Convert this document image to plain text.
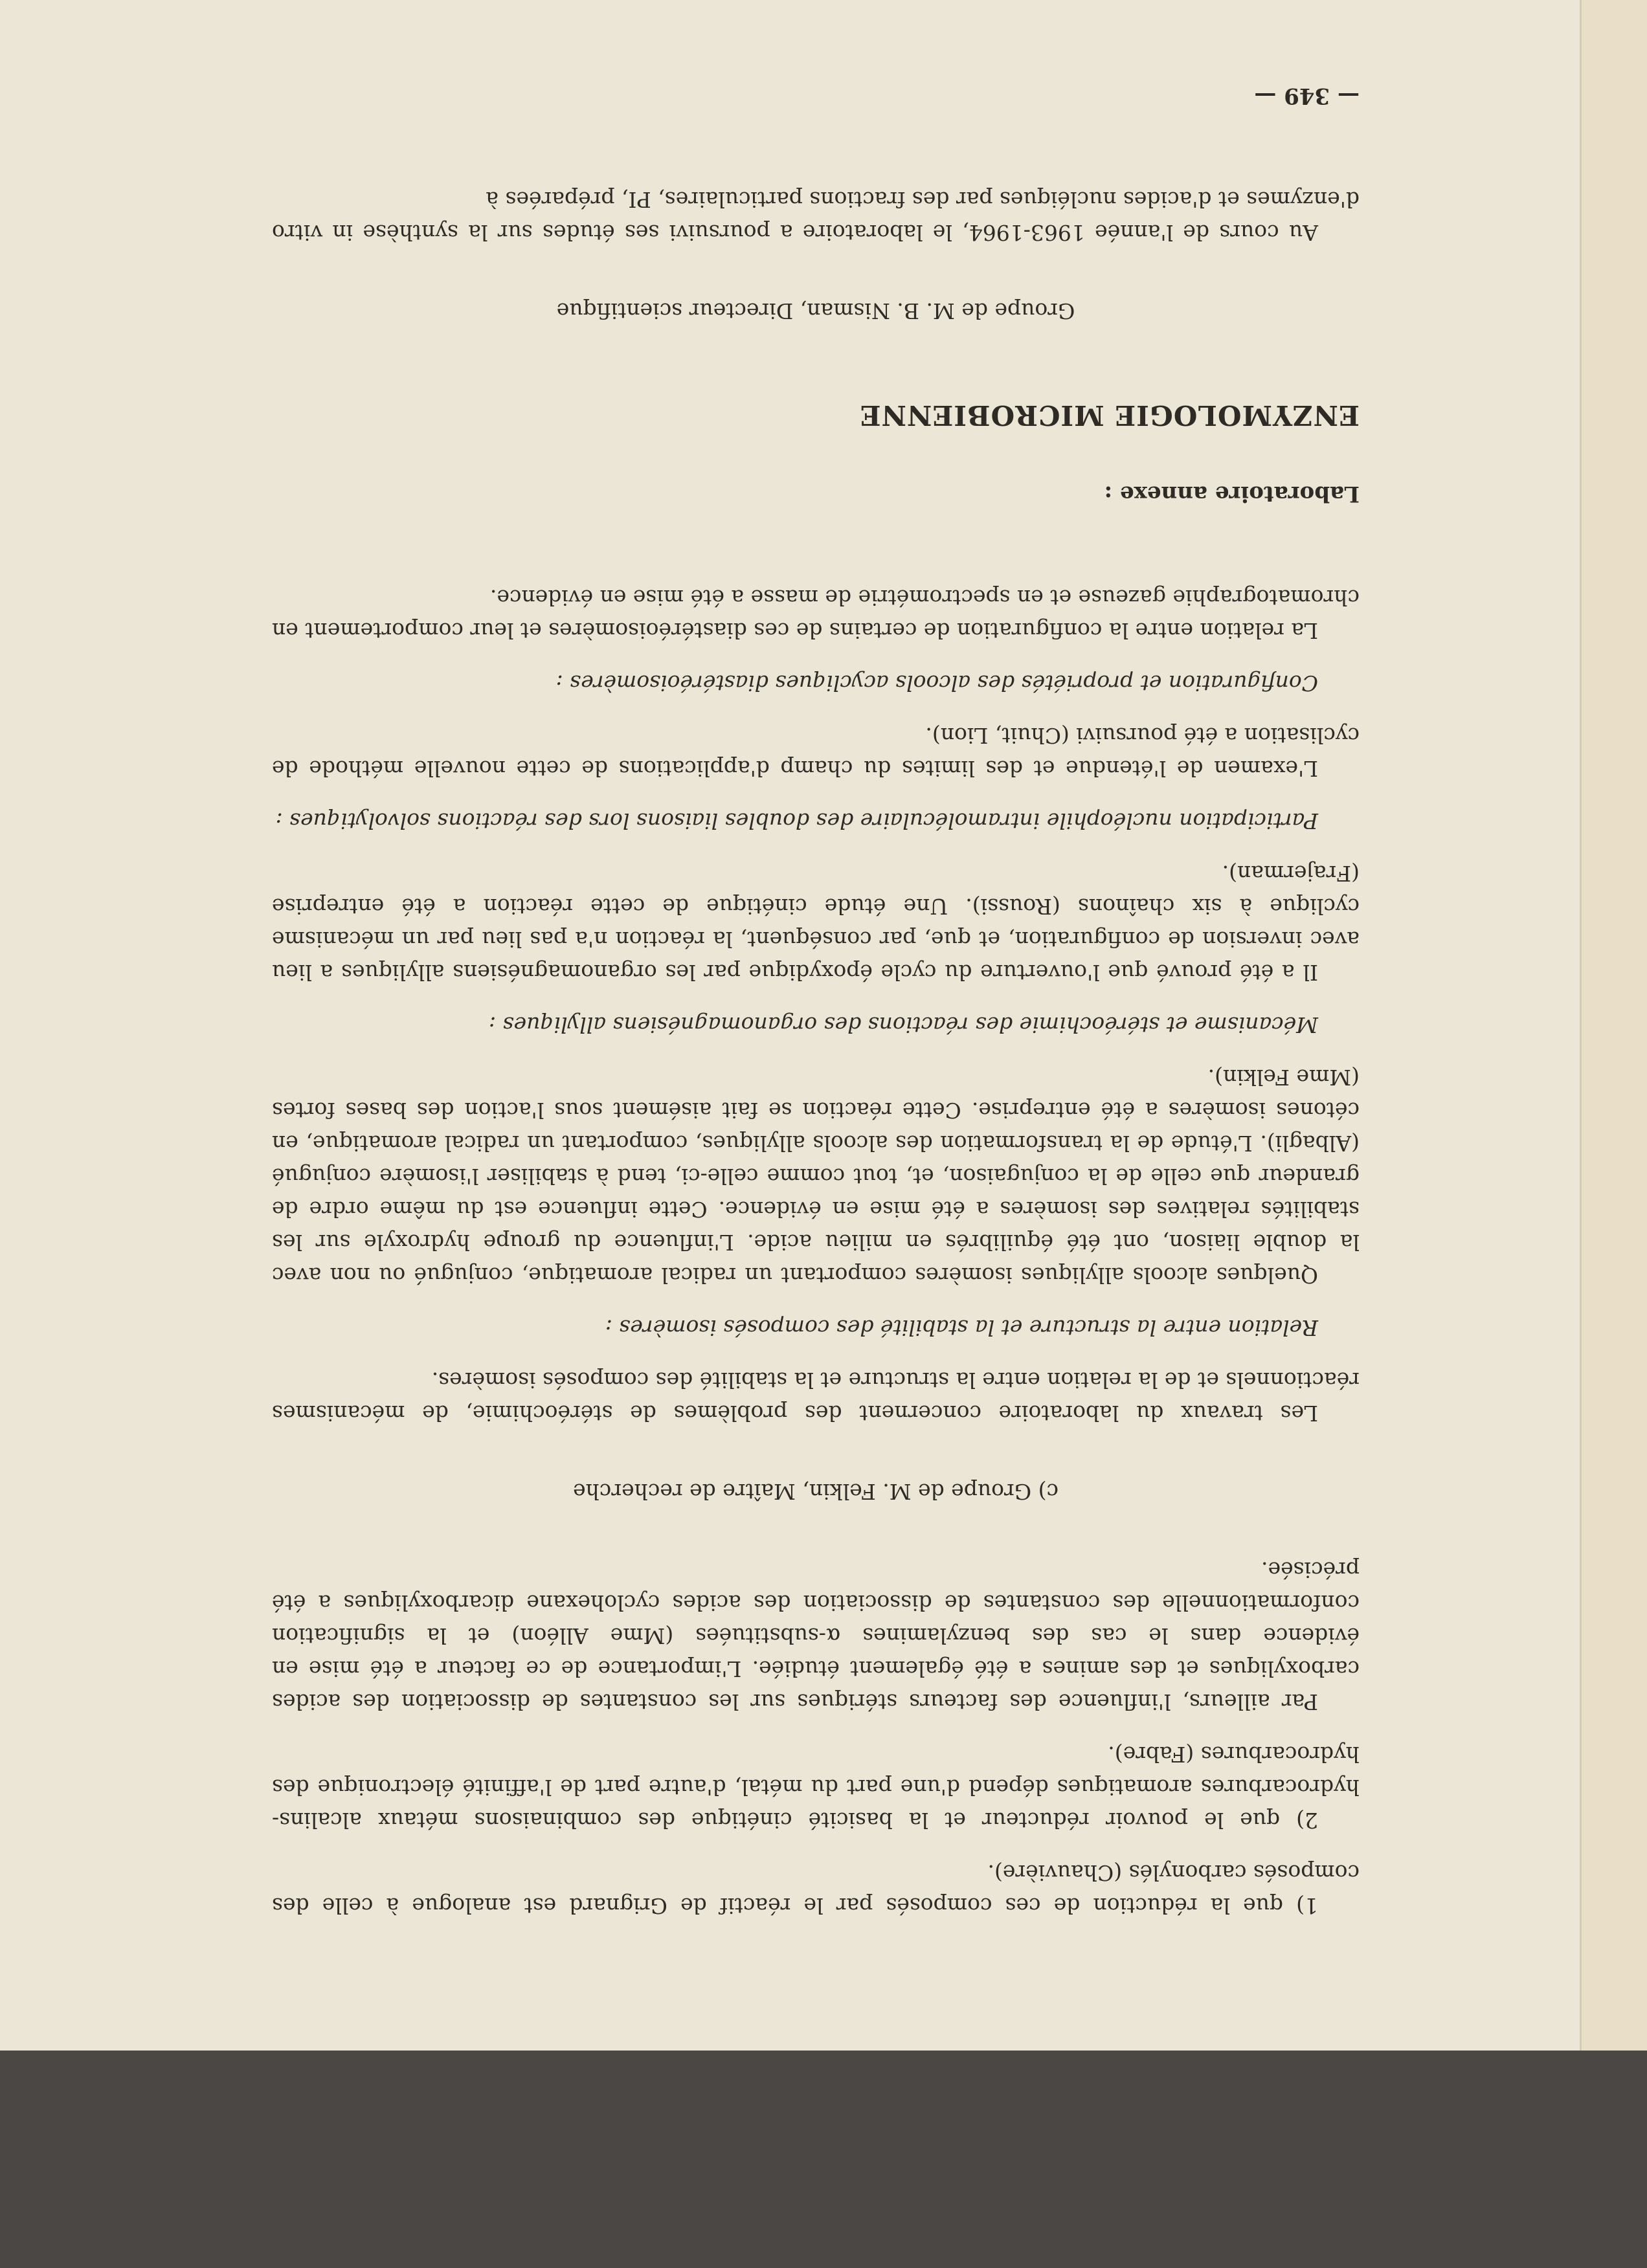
1) que la réduction de ces composés par le réactif de Grignard est analogue à celle des composés carbonylés (Chauvière).

2) que le pouvoir réducteur et la basicité cinétique des combinaisons métaux alcalins-hydrocarbures aromatiques dépend d'une part du métal, d'autre part de l'affinité électronique des hydrocarbures (Fabre).

Par ailleurs, l'influence des facteurs stériques sur les constantes de dissociation des acides carboxyliques et des amines a été également étudiée. L'importance de ce facteur a été mise en évidence dans le cas des benzylamines α-substituées (Mme Alléon) et la signification conformationnelle des constantes de dissociation des acides cyclohexane dicarboxyliques a été précisée.

c) Groupe de M. Felkin, Maître de recherche

Les travaux du laboratoire concernent des problèmes de stéréochimie, de mécanismes réactionnels et de la relation entre la structure et la stabilité des composés isomères.

Relation entre la structure et la stabilité des composés isomères :

Quelques alcools allyliques isomères comportant un radical aromatique, conjugué ou non avec la double liaison, ont été équilibrés en milieu acide. L'influence du groupe hydroxyle sur les stabilités relatives des isomères a été mise en évidence. Cette influence est du même ordre de grandeur que celle de la conjugaison, et, tout comme celle-ci, tend à stabiliser l'isomère conjugué (Albagli). L'étude de la transformation des alcools allyliques, comportant un radical aromatique, en cétones isomères a été entreprise. Cette réaction se fait aisément sous l'action des bases fortes (Mme Felkin).

Mécanisme et stéréochimie des réactions des organomagnésiens allyliques :

Il a été prouvé que l'ouverture du cycle époxydique par les organomagnésiens allyliques a lieu avec inversion de configuration, et que, par conséquent, la réaction n'a pas lieu par un mécanisme cyclique à six chaînons (Roussi). Une étude cinétique de cette réaction a été entreprise (Frajerman).

Participation nucléophile intramoléculaire des doubles liaisons lors des réactions solvolytiques :

L'examen de l'étendue et des limites du champ d'applications de cette nouvelle méthode de cyclisation a été poursuivi (Chuit, Lion).

Configuration et propriétés des alcools acycliques diastéréoisomères :

La relation entre la configuration de certains de ces diastéréoisomères et leur comportement en chromatographie gazeuse et en spectrométrie de masse a été mise en évidence.

Laboratoire annexe :

ENZYMOLOGIE MICROBIENNE

Groupe de M. B. Nisman, Directeur scientifique

Au cours de l'année 1963-1964, le laboratoire a poursuivi ses études sur la synthèse in vitro d'enzymes et d'acides nucléiques par des fractions particulaires, PI, préparées à

— 349 —
